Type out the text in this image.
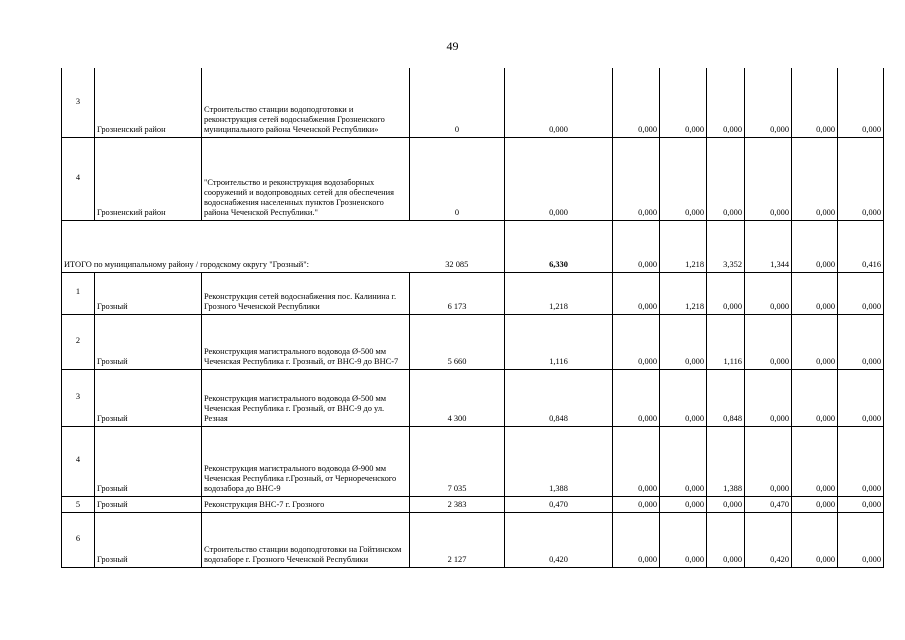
49
3	Грозненский район	Строительство станции водоподготовки и реконструкция сетей водоснабжения Грозненского муниципального района Чеченской Республики»	0	0,000	0,000	0,000	0,000	0,000	0,000	0,000
4	Грозненский район	"Строительство и реконструкция водозаборных сооружений и водопроводных сетей для обеспечения водоснабжения населенных пунктов Грозненского района Чеченской Республики."	0	0,000	0,000	0,000	0,000	0,000	0,000	0,000
ИТОГО по муниципальному району / городскому округу "Грозный":			32 085	6,330	0,000	1,218	3,352	1,344	0,000	0,416
1	Грозный	Реконструкция сетей водоснабжения пос. Калинина г. Грозного Чеченской Республики	6 173	1,218	0,000	1,218	0,000	0,000	0,000	0,000
2	Грозный	Реконструкция магистрального водовода Ø-500 мм Чеченская Республика г. Грозный, от ВНС-9 до ВНС-7	5 660	1,116	0,000	0,000	1,116	0,000	0,000	0,000
3	Грозный	Реконструкция магистрального водовода Ø-500 мм Чеченская Республика г. Грозный, от ВНС-9 до ул. Резная	4 300	0,848	0,000	0,000	0,848	0,000	0,000	0,000
4	Грозный	Реконструкция магистрального водовода Ø-900 мм Чеченская Республика г.Грозный, от Чернореченского водозабора до ВНС-9	7 035	1,388	0,000	0,000	1,388	0,000	0,000	0,000
5	Грозный	Реконструкция ВНС-7 г. Грозного	2 383	0,470	0,000	0,000	0,000	0,470	0,000	0,000
6	Грозный	Строительство станции водоподготовки на Гойтинском водозаборе г. Грозного Чеченской Республики	2 127	0,420	0,000	0,000	0,000	0,420	0,000	0,000
